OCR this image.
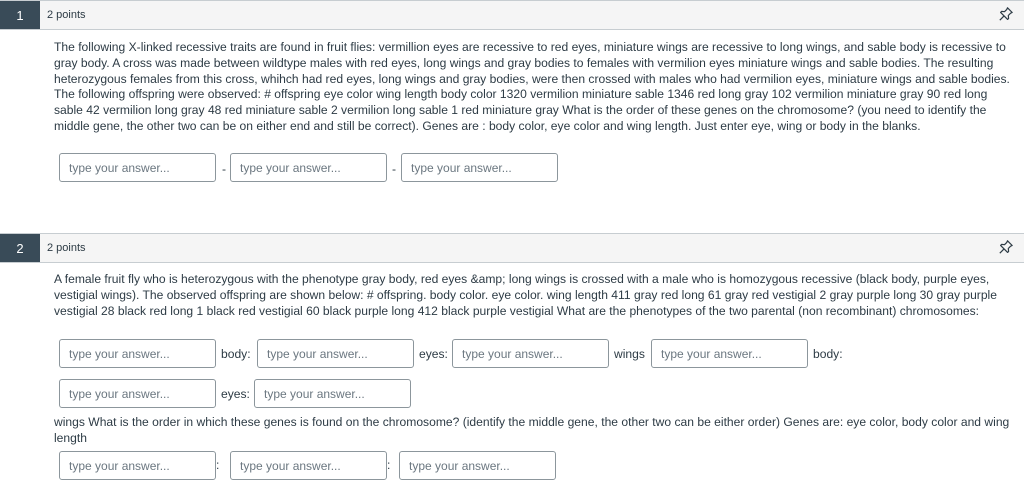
1	2 points
The following X-linked recessive traits are found in fruit flies: vermillion eyes are recessive to red eyes, miniature wings are recessive to long wings, and sable body is recessive to gray body. A cross was made between wildtype males with red eyes, long wings and gray bodies to females with vermilion eyes miniature wings and sable bodies. The resulting heterozygous females from this cross, whihch had red eyes, long wings and gray bodies, were then crossed with males who had vermilion eyes, miniature wings and sable bodies. The following offspring were observed: # offspring eye color wing length body color 1320 vermilion miniature sable 1346 red long gray 102 vermilion miniature gray 90 red long sable 42 vermilion long gray 48 red miniature sable 2 vermilion long sable 1 red miniature gray What is the order of these genes on the chromosome? (you need to identify the middle gene, the other two can be on either end and still be correct). Genes are : body color, eye color and wing length. Just enter eye, wing or body in the blanks.
type your answer...
-
type your answer...	-
type your answer...
2	2 points
A female fruit fly who is heterozygous with the phenotype gray body, red eyes &amp; long wings is crossed with a male who is homozygous recessive (black body, purple eyes, vestigial wings). The observed offspring are shown below: # offspring. body color. eye color. wing length 411 gray red long 61 gray red vestigial 2 gray purple long 30 gray purple vestigial 28 black red long 1 black red vestigial 60 black purple long 412 black purple vestigial What are the phenotypes of the two parental (non recombinant) chromosomes:
type your answer...
body:
type your answer...	eyes:
type your answer...	wings
type your answer...	body:
type your answer...
eyes:
type your answer...
wings What is the order in which these genes is found on the chromosome? (identify the middle gene, the other two can be either order) Genes are: eye color, body color and wing length
type your answer...
:
type your answer...	:
type your answer...
